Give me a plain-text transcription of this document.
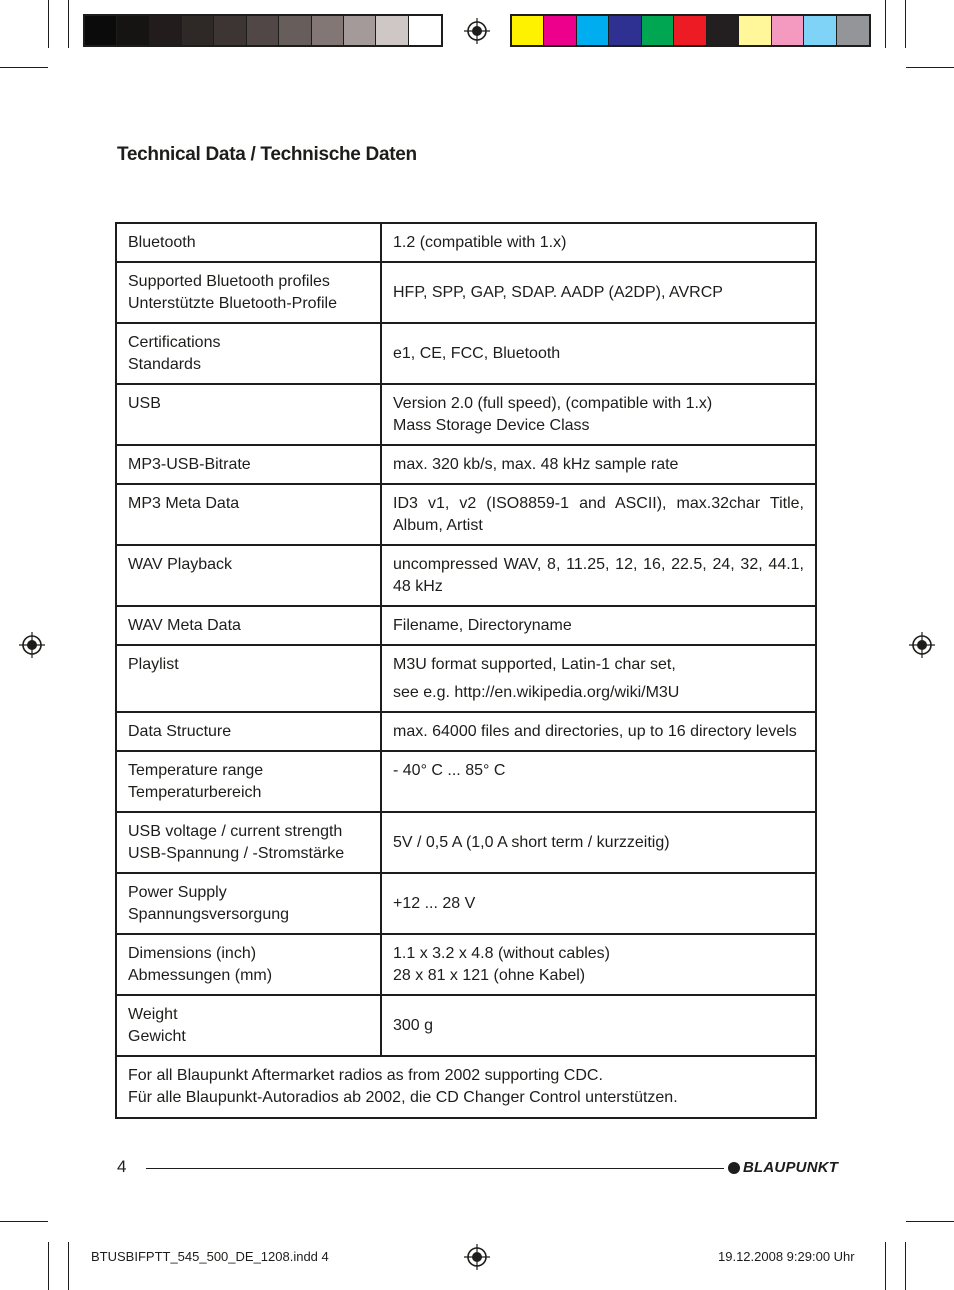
Technical Data / Technische Daten
Bluetooth	1.2 (compatible with 1.x)

Supported Bluetooth profiles
Unterstützte Bluetooth-Profile	HFP, SPP, GAP, SDAP. AADP (A2DP), AVRCP

Certifications
Standards	e1, CE, FCC, Bluetooth

USB	Version 2.0 (full speed), (compatible with 1.x)
Mass Storage Device Class

MP3-USB-Bitrate	max. 320 kb/s, max. 48 kHz sample rate

MP3 Meta Data	ID3 v1, v2 (ISO8859-1 and ASCII), max.32char Title, Album, Artist

WAV Playback	uncompressed WAV, 8, 11.25, 12, 16, 22.5, 24, 32, 44.1, 48 kHz

WAV Meta Data	Filename, Directoryname

Playlist	M3U format supported, Latin-1 char set,
see e.g. http://en.wikipedia.org/wiki/M3U

Data Structure	max. 64000 files and directories, up to 16 directory levels

Temperature range
Temperaturbereich	- 40° C ... 85° C

USB voltage / current strength
USB-Spannung / -Stromstärke	5V / 0,5 A (1,0 A short term / kurzzeitig)

Power Supply
Spannungsversorgung	+12 ... 28 V

Dimensions (inch)
Abmessungen (mm)	1.1 x 3.2 x 4.8 (without cables)
28 x 81 x 121 (ohne Kabel)

Weight
Gewicht	300 g

For all Blaupunkt Aftermarket radios as from 2002 supporting CDC.
Für alle Blaupunkt-Autoradios ab 2002, die CD Changer Control unterstützen.	
4	BLAUPUNKT
BTUSBIFPTT_545_500_DE_1208.indd 4	19.12.2008 9:29:00 Uhr
